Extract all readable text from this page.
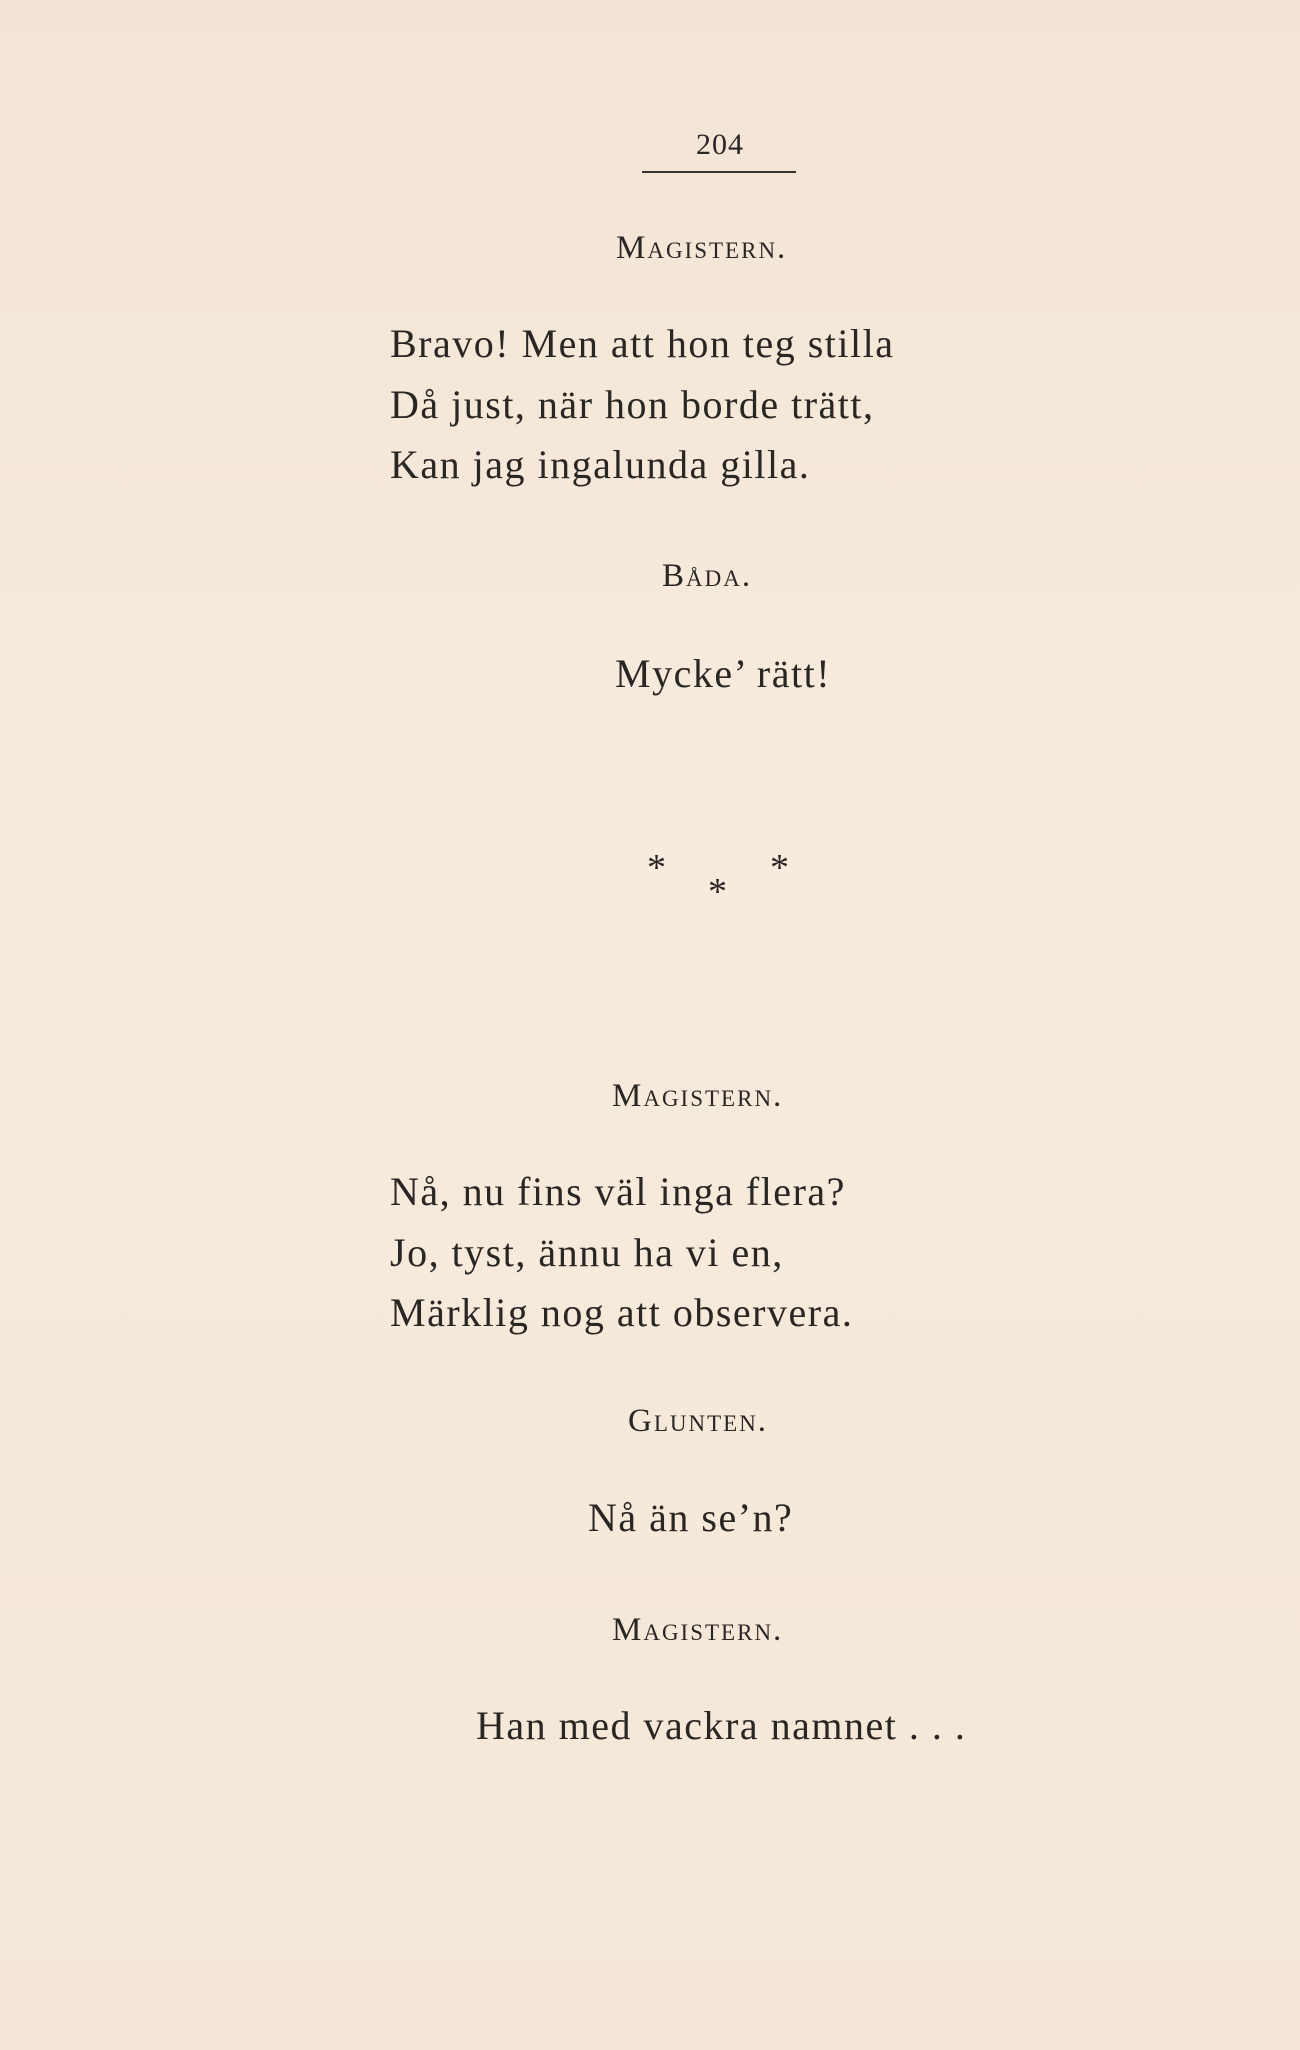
204
Magistern.
Bravo! Men att hon teg stilla
Då just, när hon borde trätt,
Kan jag ingalunda gilla.
Båda.
Mycke’ rätt!
*
*
*
Magistern.
Nå, nu fins väl inga flera?
Jo, tyst, ännu ha vi en,
Märklig nog att observera.
Glunten.
Nå än se’n?
Magistern.
Han med vackra namnet . . .
